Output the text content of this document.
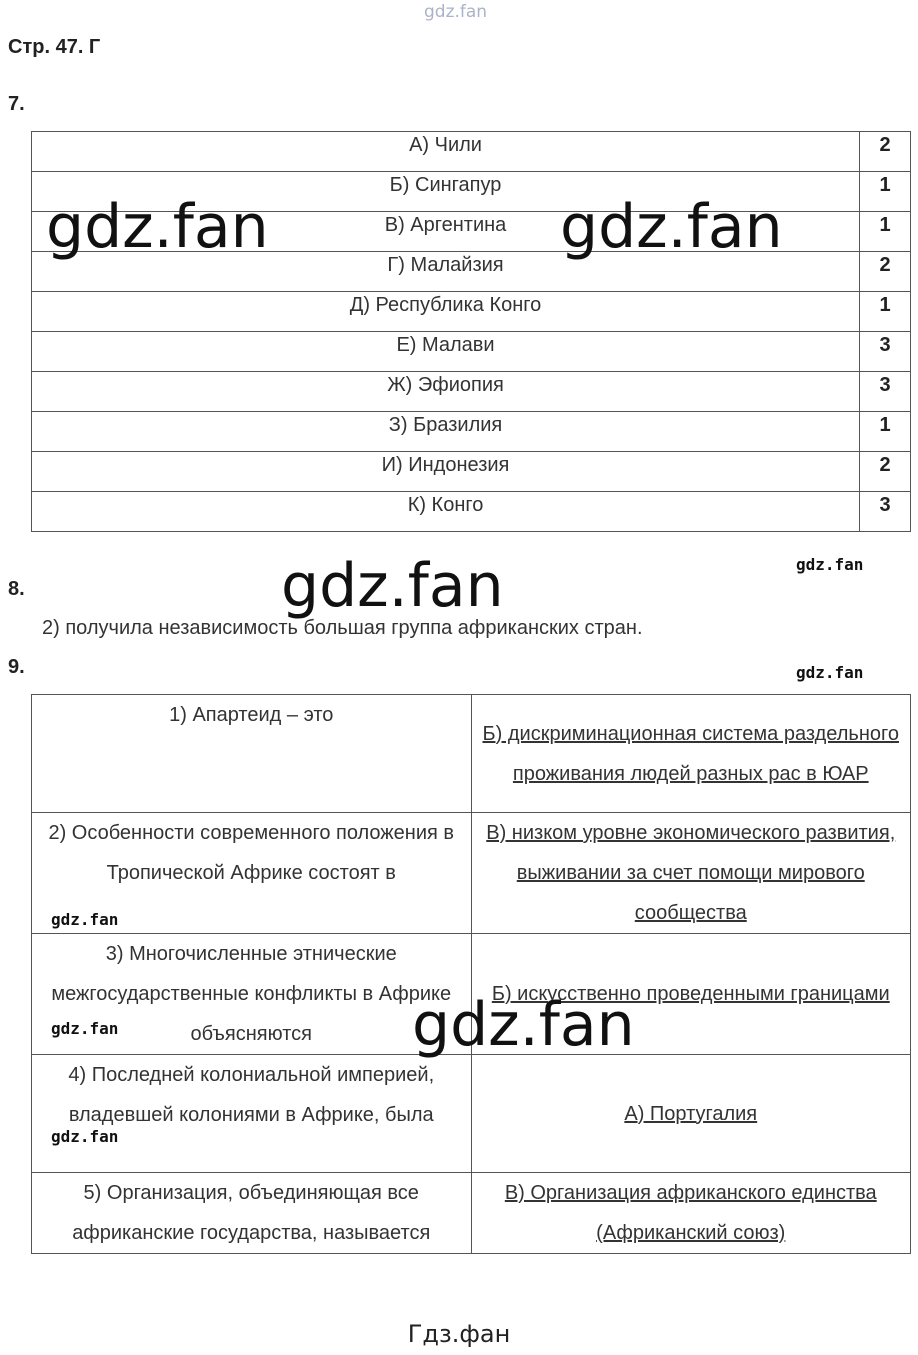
gdz.fan
gdz.fan	gdz.fan
gdz.fan
gdz.fan
gdz.fan
gdz.fan
gdz.fan
gdz.fan
gdz.fan
Стр. 47. Г
7.
А) Чили	2
Б) Сингапур	1
В) Аргентина	1
Г) Малайзия	2
Д) Республика Конго	1
Е) Малави	3
Ж) Эфиопия	3
З) Бразилия	1
И) Индонезия	2
К) Конго	3
8.
2) получила независимость большая группа африканских стран.
9.
1) Апартеид – это	Б) дискриминационная система раздельного проживания людей разных рас в ЮАР
2) Особенности современного положения в Тропической Африке состоят в	В) низком уровне экономического развития, выживании за счет помощи мирового сообщества
3) Многочисленные этнические межгосударственные конфликты в Африке объясняются	Б) искусственно проведенными границами
4) Последней колониальной империей, владевшей колониями в Африке, была	А) Португалия
5) Организация, объединяющая все африканские государства, называется	В) Организация африканского единства (Африканский союз)
Гдз.фан
